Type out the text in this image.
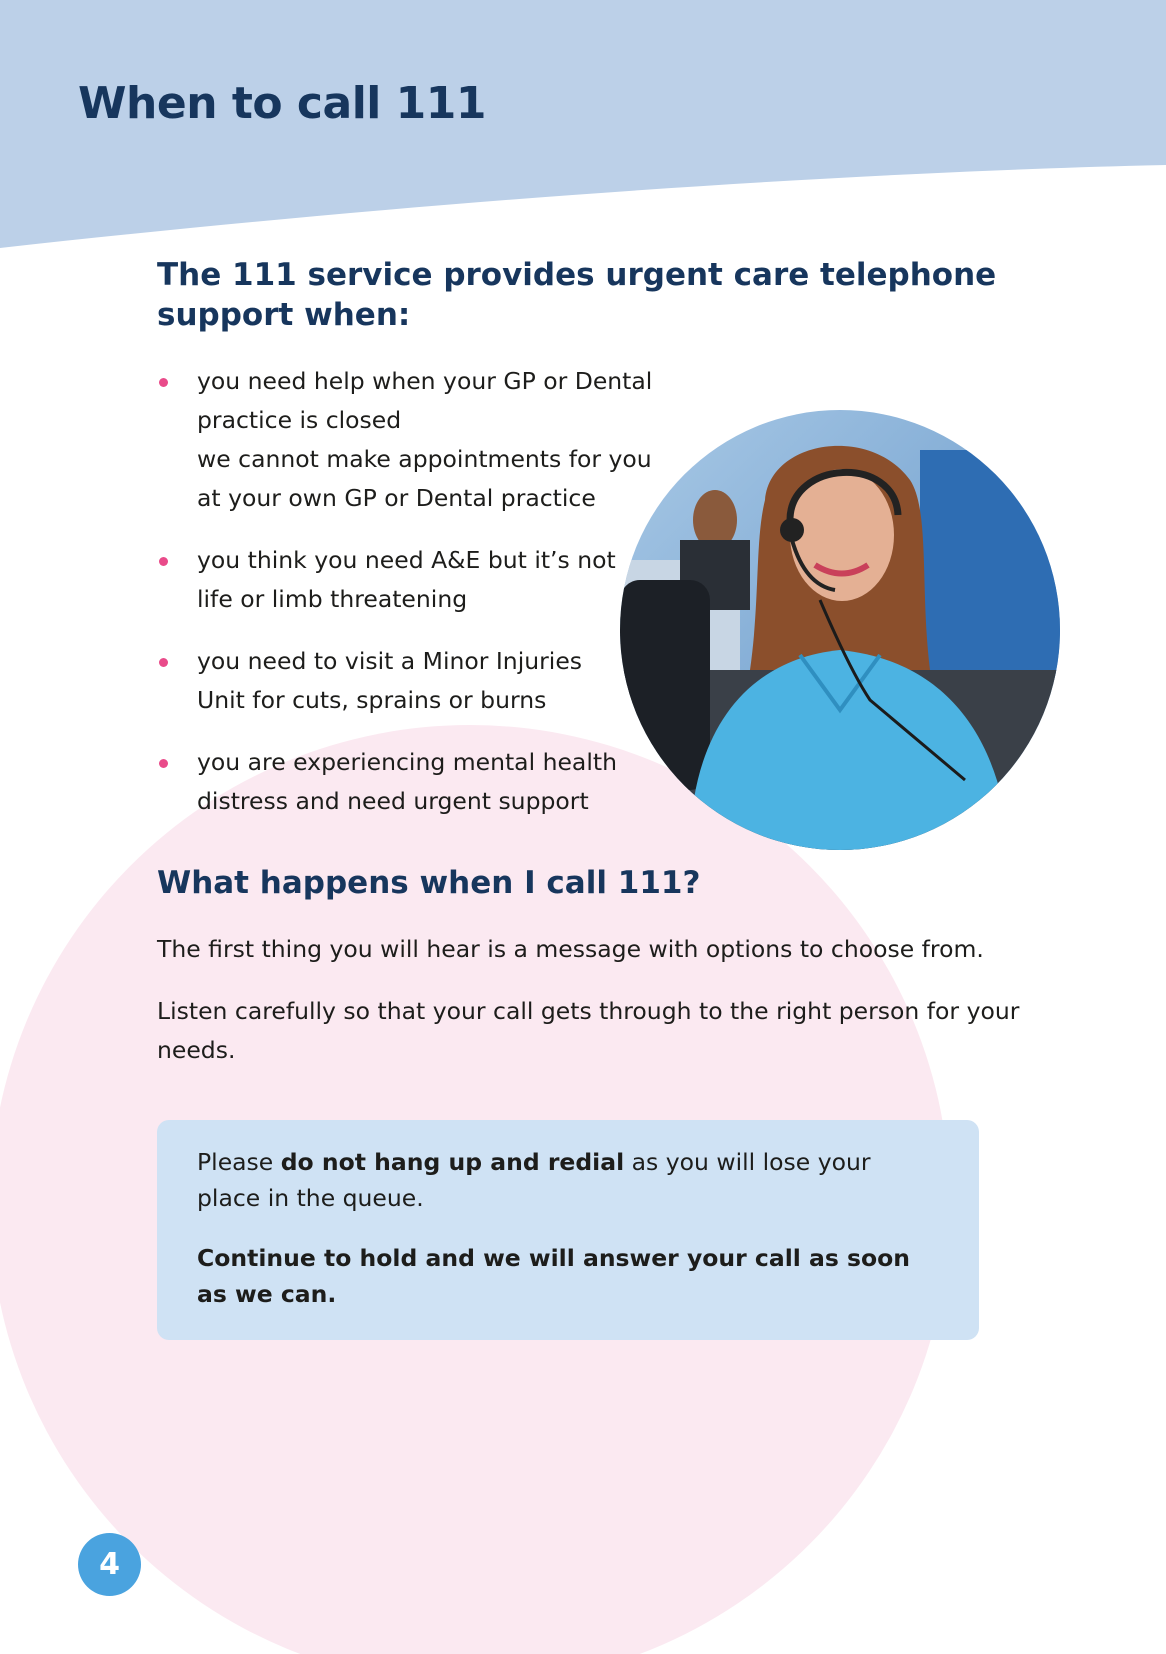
When to call 111
The 111 service provides urgent care telephone support when:
you need help when your GP or Dental practice is closed
we cannot make appointments for you
at your own GP or Dental practice
you think you need A&E but it’s not
life or limb threatening
you need to visit a Minor Injuries
Unit for cuts, sprains or burns
you are experiencing mental health
distress and need urgent support
What happens when I call 111?

The first thing you will hear is a message with options to choose from.

Listen carefully so that your call gets through to the right person for your needs.

Please do not hang up and redial as you will lose your place in the queue.

Continue to hold and we will answer your call as soon as we can.

4
